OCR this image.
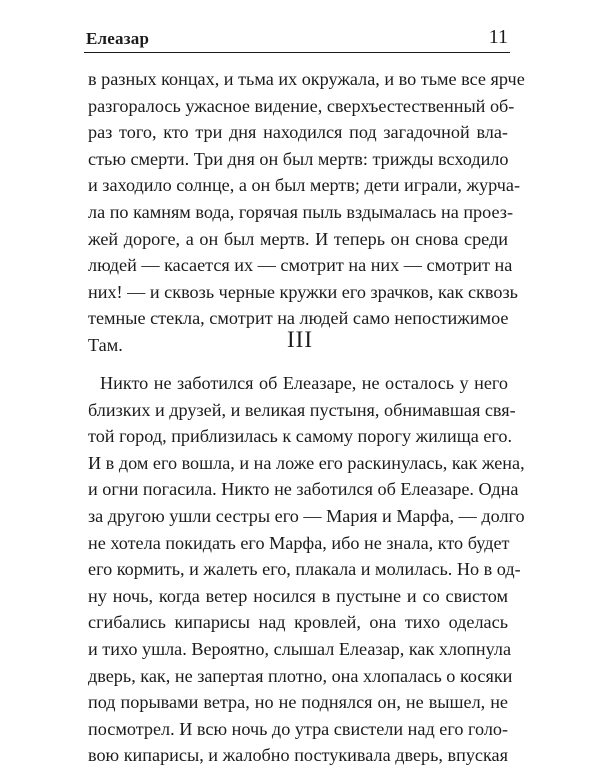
Елеазар	11
в разных концах, и тьма их окружала, и во тьме все ярче
разгоралось ужасное видение, сверхъестественный об-
раз того, кто три дня находился под загадочной вла-
стью смерти. Три дня он был мертв: трижды всходило
и заходило солнце, а он был мертв; дети играли, журча-
ла по камням вода, горячая пыль вздымалась на проез-
жей дороге, а он был мертв. И теперь он снова среди
людей — касается их — смотрит на них — смотрит на
них! — и сквозь черные кружки его зрачков, как сквозь
темные стекла, смотрит на людей само непостижимое
Там.	III
Никто не заботился об Елеазаре, не осталось у него
близких и друзей, и великая пустыня, обнимавшая свя-
той город, приблизилась к самому порогу жилища его.
И в дом его вошла, и на ложе его раскинулась, как жена,
и огни погасила. Никто не заботился об Елеазаре. Одна
за другою ушли сестры его — Мария и Марфа, — долго
не хотела покидать его Марфа, ибо не знала, кто будет
его кормить, и жалеть его, плакала и молилась. Но в од-
ну ночь, когда ветер носился в пустыне и со свистом
сгибались кипарисы над кровлей, она тихо оделась
и тихо ушла. Вероятно, слышал Елеазар, как хлопнула
дверь, как, не запертая плотно, она хлопалась о косяки
под порывами ветра, но не поднялся он, не вышел, не
посмотрел. И всю ночь до утра свистели над его голо-
вою кипарисы, и жалобно постукивала дверь, впуская
